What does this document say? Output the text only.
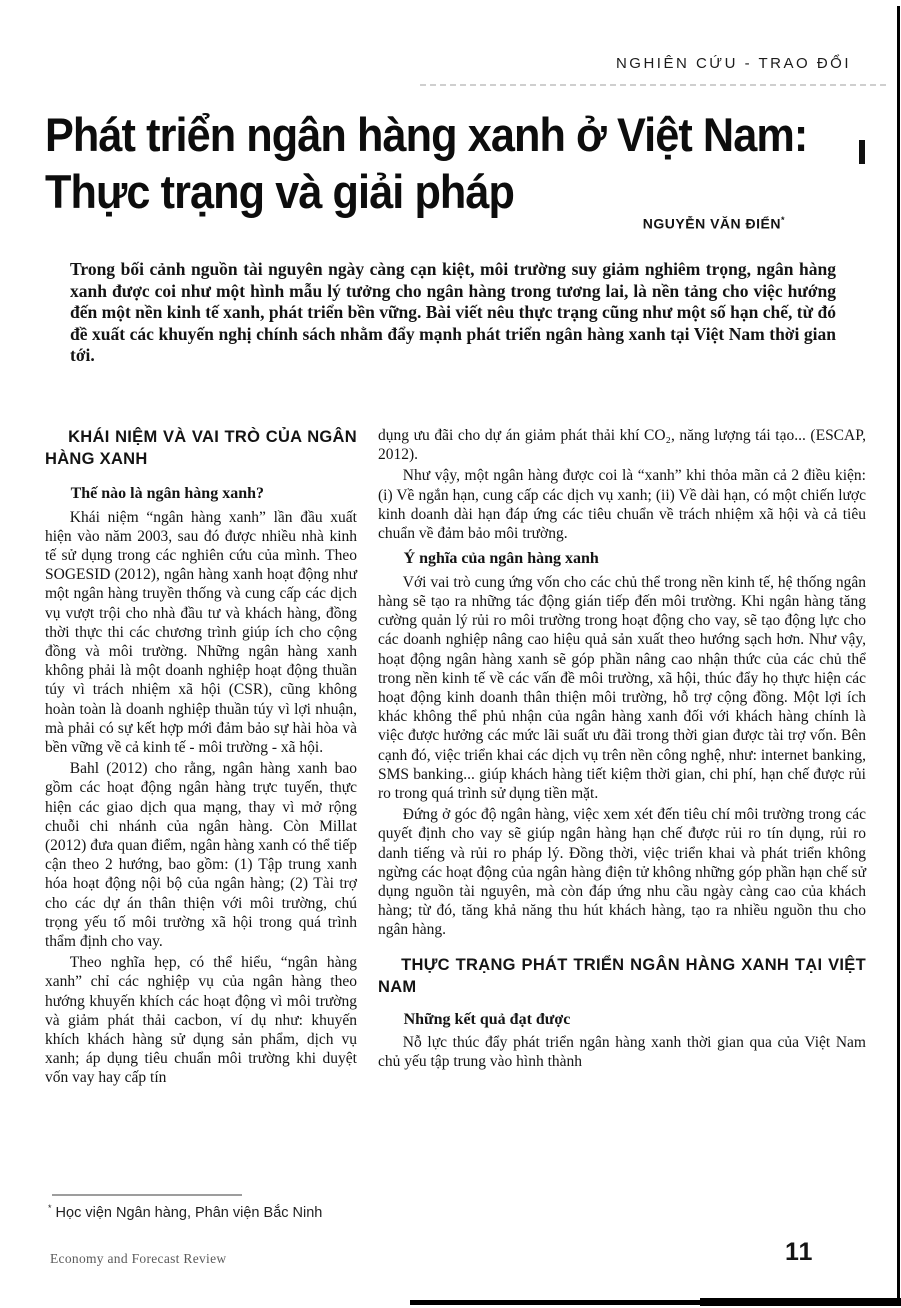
NGHIÊN CỨU - TRAO ĐỔI
Phát triển ngân hàng xanh ở Việt Nam:
Thực trạng và giải pháp
NGUYỄN VĂN ĐIỂN*
Trong bối cảnh nguồn tài nguyên ngày càng cạn kiệt, môi trường suy giảm nghiêm trọng, ngân hàng xanh được coi như một hình mẫu lý tưởng cho ngân hàng trong tương lai, là nền tảng cho việc hướng đến một nền kinh tế xanh, phát triển bền vững. Bài viết nêu thực trạng cũng như một số hạn chế, từ đó đề xuất các khuyến nghị chính sách nhằm đẩy mạnh phát triển ngân hàng xanh tại Việt Nam thời gian tới.
KHÁI NIỆM VÀ VAI TRÒ CỦA NGÂN HÀNG XANH
Thế nào là ngân hàng xanh?

Khái niệm “ngân hàng xanh” lần đầu xuất hiện vào năm 2003, sau đó được nhiều nhà kinh tế sử dụng trong các nghiên cứu của mình. Theo SOGESID (2012), ngân hàng xanh hoạt động như một ngân hàng truyền thống và cung cấp các dịch vụ vượt trội cho nhà đầu tư và khách hàng, đồng thời thực thi các chương trình giúp ích cho cộng đồng và môi trường. Những ngân hàng xanh không phải là một doanh nghiệp hoạt động thuần túy vì trách nhiệm xã hội (CSR), cũng không hoàn toàn là doanh nghiệp thuần túy vì lợi nhuận, mà phải có sự kết hợp mới đảm bảo sự hài hòa và bền vững về cả kinh tế - môi trường - xã hội.

Bahl (2012) cho rằng, ngân hàng xanh bao gồm các hoạt động ngân hàng trực tuyến, thực hiện các giao dịch qua mạng, thay vì mở rộng chuỗi chi nhánh của ngân hàng. Còn Millat (2012) đưa quan điểm, ngân hàng xanh có thể tiếp cận theo 2 hướng, bao gồm: (1) Tập trung xanh hóa hoạt động nội bộ của ngân hàng; (2) Tài trợ cho các dự án thân thiện với môi trường, chú trọng yếu tố môi trường xã hội trong quá trình thẩm định cho vay.

Theo nghĩa hẹp, có thể hiểu, “ngân hàng xanh” chỉ các nghiệp vụ của ngân hàng theo hướng khuyến khích các hoạt động vì môi trường và giảm phát thải cacbon, ví dụ như: khuyến khích khách hàng sử dụng sản phẩm, dịch vụ xanh; áp dụng tiêu chuẩn môi trường khi duyệt vốn vay hay cấp tín

dụng ưu đãi cho dự án giảm phát thải khí CO₂, năng lượng tái tạo... (ESCAP, 2012).

Như vậy, một ngân hàng được coi là “xanh” khi thỏa mãn cả 2 điều kiện: (i) Về ngắn hạn, cung cấp các dịch vụ xanh; (ii) Về dài hạn, có một chiến lược kinh doanh dài hạn đáp ứng các tiêu chuẩn về trách nhiệm xã hội và cả tiêu chuẩn về đảm bảo môi trường.

Ý nghĩa của ngân hàng xanh

Với vai trò cung ứng vốn cho các chủ thể trong nền kinh tế, hệ thống ngân hàng sẽ tạo ra những tác động gián tiếp đến môi trường. Khi ngân hàng tăng cường quản lý rủi ro môi trường trong hoạt động cho vay, sẽ tạo động lực cho các doanh nghiệp nâng cao hiệu quả sản xuất theo hướng sạch hơn. Như vậy, hoạt động ngân hàng xanh sẽ góp phần nâng cao nhận thức của các chủ thể trong nền kinh tế về các vấn đề môi trường, xã hội, thúc đẩy họ thực hiện các hoạt động kinh doanh thân thiện môi trường, hỗ trợ cộng đồng. Một lợi ích khác không thể phủ nhận của ngân hàng xanh đối với khách hàng chính là việc được hưởng các mức lãi suất ưu đãi trong thời gian được tài trợ vốn. Bên cạnh đó, việc triển khai các dịch vụ trên nền công nghệ, như: internet banking, SMS banking... giúp khách hàng tiết kiệm thời gian, chi phí, hạn chế được rủi ro trong quá trình sử dụng tiền mặt.

Đứng ở góc độ ngân hàng, việc xem xét đến tiêu chí môi trường trong các quyết định cho vay sẽ giúp ngân hàng hạn chế được rủi ro tín dụng, rủi ro danh tiếng và rủi ro pháp lý. Đồng thời, việc triển khai và phát triển không ngừng các hoạt động của ngân hàng điện tử không những góp phần hạn chế sử dụng nguồn tài nguyên, mà còn đáp ứng nhu cầu ngày càng cao của khách hàng; từ đó, tăng khả năng thu hút khách hàng, tạo ra nhiều nguồn thu cho ngân hàng.

THỰC TRẠNG PHÁT TRIỂN NGÂN HÀNG XANH TẠI VIỆT NAM
Những kết quả đạt được

Nỗ lực thúc đẩy phát triển ngân hàng xanh thời gian qua của Việt Nam chủ yếu tập trung vào hình thành

* Học viện Ngân hàng, Phân viện Bắc Ninh
Economy and Forecast Review	11
